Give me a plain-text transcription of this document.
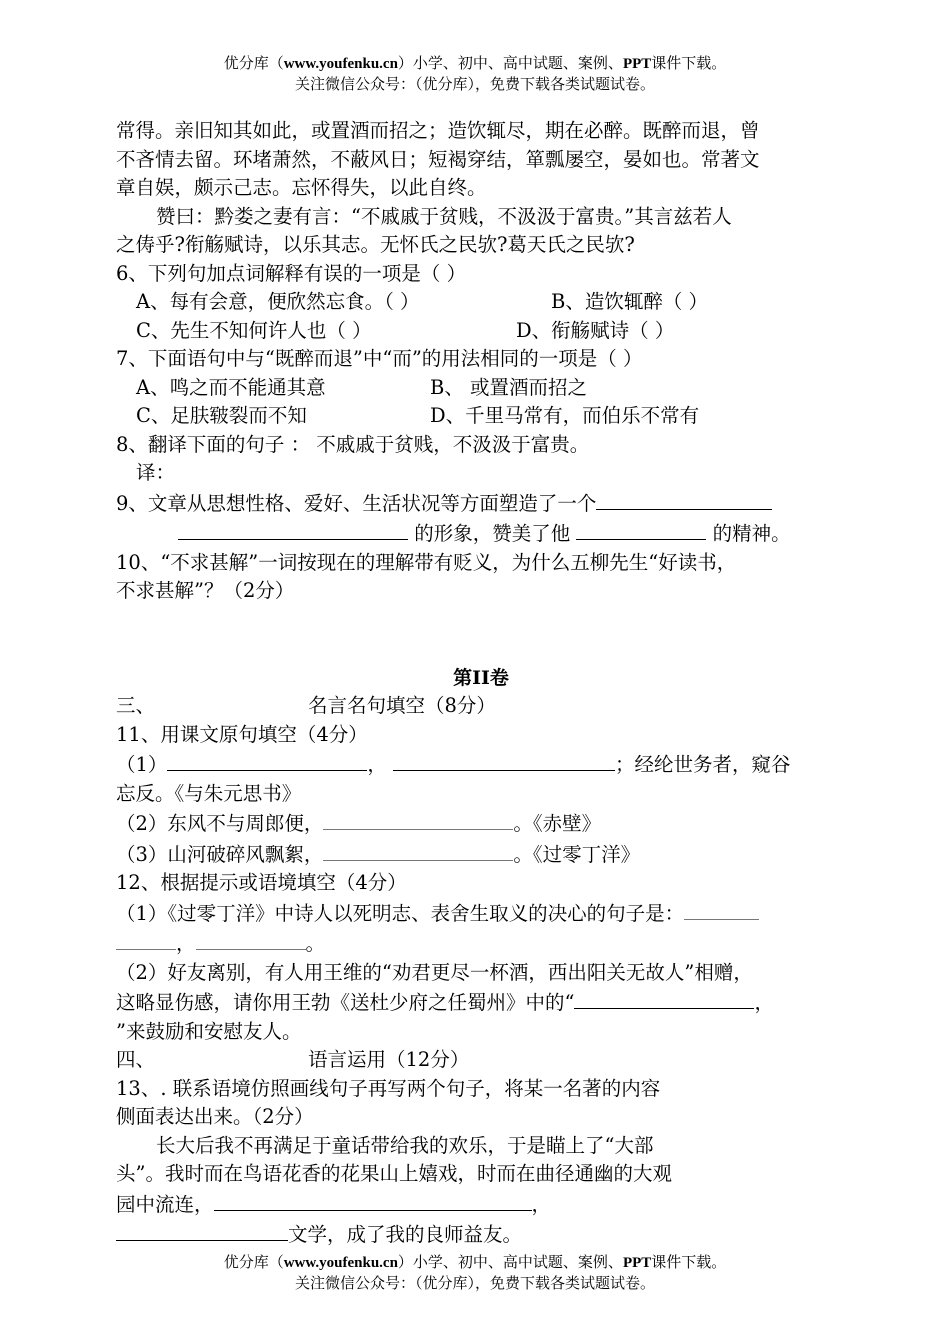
优分库（www.youfenku.cn）小学、初中、高中试题、案例、PPT课件下载。
关注微信公众号：（优分库），免费下载各类试题试卷。
常得。亲旧知其如此，或置酒而招之；造饮辄尽，期在必醉。既醉而退，曾
不吝情去留。环堵萧然，不蔽风日；短褐穿结，箪瓢屡空，晏如也。常著文
章自娱，颇示己志。忘怀得失，以此自终。
赞曰：黔娄之妻有言：“不戚戚于贫贱，不汲汲于富贵。”其言兹若人
之俦乎?衔觞赋诗，以乐其志。无怀氏之民欤?葛天氏之民欤?
6、下列句加点词解释有误的一项是（ ）
A、每有会意，便欣然忘食。（ ）	B、造饮辄醉（ ）
C、先生不知何许人也（ ）	D、衔觞赋诗（ ）
7、下面语句中与“既醉而退”中“而”的用法相同的一项是（ ）
A、鸣之而不能通其意	B、 或置酒而招之
C、足肤皲裂而不知	D、千里马常有，而伯乐不常有
8、翻译下面的句子 ： 不戚戚于贫贱，不汲汲于富贵。
译：
9、文章从思想性格、爱好、生活状况等方面塑造了一个
的形象，赞美了他	的精神。
10、“不求甚解”一词按现在的理解带有贬义，为什么五柳先生“好读书，
不求甚解”？（2分）
第II卷
三、	名言名句填空（8分）
11、用课文原句填空（4分）
（1）	，	；经纶世务者，窥谷
忘反。《与朱元思书》
（2）东风不与周郎便，	。《赤壁》
（3）山河破碎风飘絮，	。《过零丁洋》
12、根据提示或语境填空（4分）
（1）《过零丁洋》中诗人以死明志、表舍生取义的决心的句子是：
，	。
（2）好友离别，有人用王维的“劝君更尽一杯酒，西出阳关无故人”相赠，
这略显伤感，请你用王勃《送杜少府之任蜀州》中的“	，
”来鼓励和安慰友人。
四、	语言运用（12分）
13、. 联系语境仿照画线句子再写两个句子，将某一名著的内容
侧面表达出来。（2分）
长大后我不再满足于童话带给我的欢乐，于是瞄上了“大部
头”。我时而在鸟语花香的花果山上嬉戏，时而在曲径通幽的大观
园中流连，	，
文学，成了我的良师益友。
优分库（www.youfenku.cn）小学、初中、高中试题、案例、PPT课件下载。
关注微信公众号：（优分库），免费下载各类试题试卷。
